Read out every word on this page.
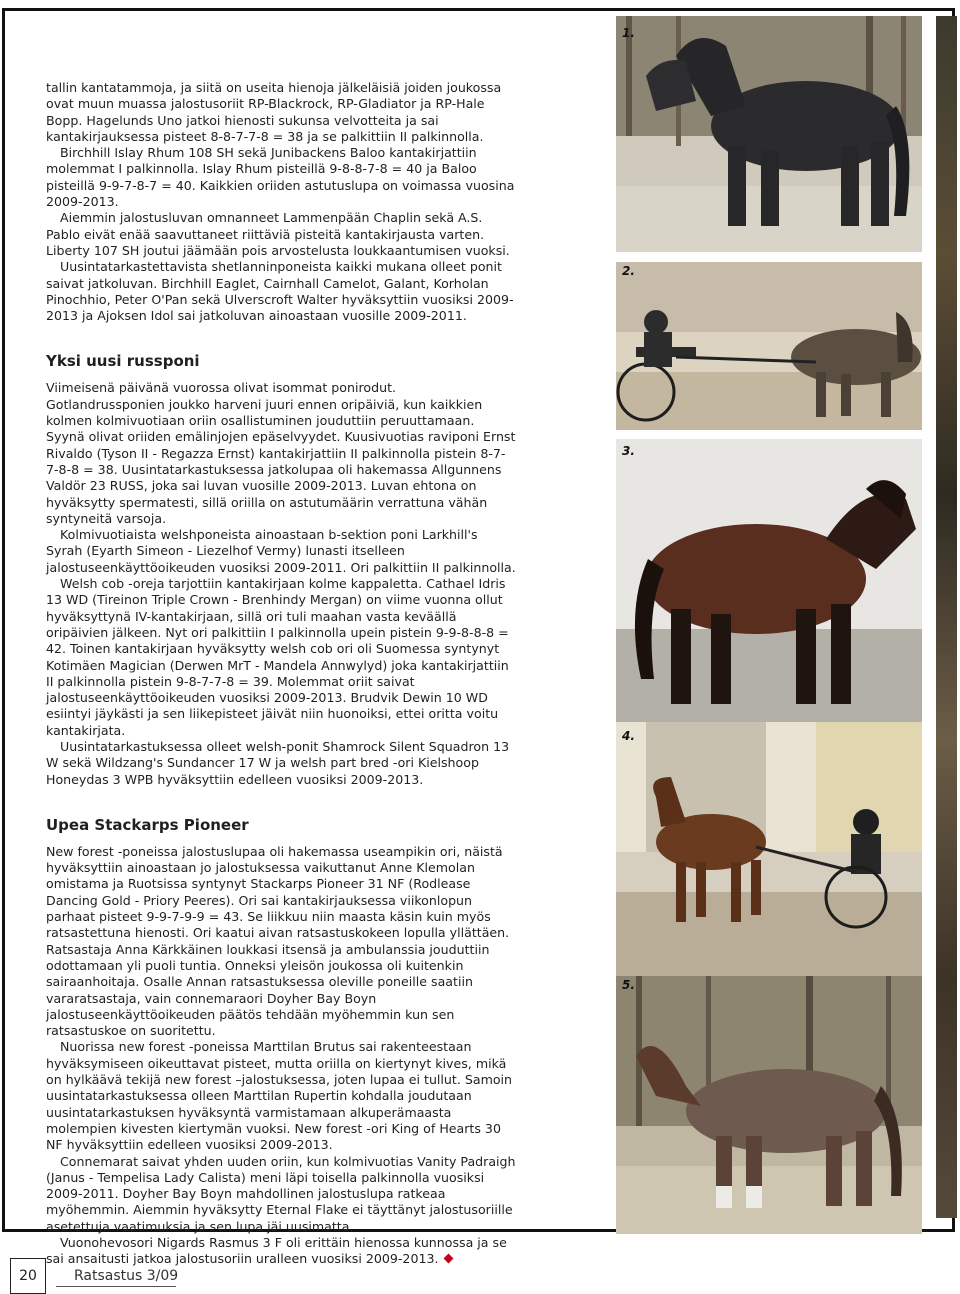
tallin kantatammoja, ja siitä on useita hienoja jälkeläisiä joiden joukossa ovat muun muassa jalostusoriit RP-Blackrock, RP-Gladiator ja RP-Hale Bopp. Hagelunds Uno jatkoi hienosti sukunsa velvotteita ja sai kantakirjauksessa pisteet 8-8-7-7-8 = 38 ja se palkittiin II palkinnolla.

Birchhill Islay Rhum 108 SH sekä Junibackens Baloo kantakirjattiin molemmat I palkinnolla. Islay Rhum pisteillä 9-8-8-7-8 = 40 ja Baloo pisteillä 9-9-7-8-7 = 40. Kaikkien oriiden astutuslupa on voimassa vuosina 2009-2013.

Aiemmin jalostusluvan omnanneet Lammenpään Chaplin sekä A.S. Pablo eivät enää saavuttaneet riittäviä pisteitä kantakirjausta varten. Liberty 107 SH joutui jäämään pois arvostelusta loukkaantumisen vuoksi.

Uusintatarkastettavista shetlanninponeista kaikki mukana olleet ponit saivat jatkoluvan. Birchhill Eaglet, Cairnhall Camelot, Galant, Korholan Pinochhio, Peter O'Pan sekä Ulverscroft Walter hyväksyttiin vuosiksi 2009-2013 ja Ajoksen Idol sai jatkoluvan ainoastaan vuosille 2009-2011.

Yksi uusi russponi

Viimeisenä päivänä vuorossa olivat isommat ponirodut. Gotlandrussponien joukko harveni juuri ennen oripäiviä, kun kaikkien kolmen kolmivuotiaan oriin osallistuminen jouduttiin peruuttamaan. Syynä olivat oriiden emälinjojen epäselvyydet. Kuusivuotias raviponi Ernst Rivaldo (Tyson II - Regazza Ernst) kantakirjattiin II palkinnolla pistein 8-7-7-8-8 = 38. Uusintatarkastuksessa jatkolupaa oli hakemassa Allgunnens Valdör 23 RUSS, joka sai luvan vuosille 2009-2013. Luvan ehtona on hyväksytty spermatesti, sillä oriilla on astutumäärin verrattuna vähän syntyneitä varsoja.

Kolmivuotiaista welshponeista ainoastaan b-sektion poni Larkhill's Syrah (Eyarth Simeon - Liezelhof Vermy) lunasti itselleen jalostuseenkäyttöoikeuden vuosiksi 2009-2011. Ori palkittiin II palkinnolla.

Welsh cob -oreja tarjottiin kantakirjaan kolme kappaletta. Cathael Idris 13 WD (Tireinon Triple Crown - Brenhindy Mergan) on viime vuonna ollut hyväksyttynä IV-kantakirjaan, sillä ori tuli maahan vasta keväällä oripäivien jälkeen. Nyt ori palkittiin I palkinnolla upein pistein 9-9-8-8-8 = 42. Toinen kantakirjaan hyväksytty welsh cob ori oli Suomessa syntynyt Kotimäen Magician (Derwen MrT - Mandela Annwylyd) joka kantakirjattiin II palkinnolla pistein 9-8-7-7-8 = 39. Molemmat oriit saivat jalostuseenkäyttöoikeuden vuosiksi 2009-2013. Brudvik Dewin 10 WD esiintyi jäykästi ja sen liikepisteet jäivät niin huonoiksi, ettei oritta voitu kantakirjata.

Uusintatarkastuksessa olleet welsh-ponit Shamrock Silent Squadron 13 W sekä Wildzang's Sundancer 17 W ja welsh part bred -ori Kielshoop Honeydas 3 WPB hyväksyttiin edelleen vuosiksi 2009-2013.

Upea Stackarps Pioneer

New forest -poneissa jalostuslupaa oli hakemassa useampikin ori, näistä hyväksyttiin ainoastaan jo jalostuksessa vaikuttanut Anne Klemolan omistama ja Ruotsissa syntynyt Stackarps Pioneer 31 NF (Rodlease Dancing Gold - Priory Peeres). Ori sai kantakirjauksessa viikonlopun parhaat pisteet 9-9-7-9-9 = 43. Se liikkuu niin maasta käsin kuin myös ratsastettuna hienosti. Ori kaatui aivan ratsastuskokeen lopulla yllättäen. Ratsastaja Anna Kärkkäinen loukkasi itsensä ja ambulanssia jouduttiin odottamaan yli puoli tuntia. Onneksi yleisön joukossa oli kuitenkin sairaanhoitaja. Osalle Annan ratsastuksessa oleville poneille saatiin vararatsastaja, vain connemaraori Doyher Bay Boyn jalostuseenkäyttöoikeuden päätös tehdään myöhemmin kun sen ratsastuskoe on suoritettu.

Nuorissa new forest -poneissa Marttilan Brutus sai rakenteestaan hyväksymiseen oikeuttavat pisteet, mutta oriilla on kiertynyt kives, mikä on hylkäävä tekijä new forest –jalostuksessa, joten lupaa ei tullut. Samoin uusintatarkastuksessa olleen Marttilan Rupertin kohdalla joudutaan uusintatarkastuksen hyväksyntä varmistamaan alkuperämaasta molempien kivesten kiertymän vuoksi. New forest -ori King of Hearts 30 NF hyväksyttiin edelleen vuosiksi 2009-2013.

Connemarat saivat yhden uuden oriin, kun kolmivuotias Vanity Padraigh (Janus - Tempelisa Lady Calista) meni läpi toisella palkinnolla vuosiksi 2009-2011. Doyher Bay Boyn mahdollinen jalostuslupa ratkeaa myöhemmin. Aiemmin hyväksytty Eternal Flake ei täyttänyt jalostusoriille asetettuja vaatimuksia ja sen lupa jäi uusimatta.

Vuonohevosori Nigards Rasmus 3 F oli erittäin hienossa kunnossa ja se sai ansaitusti jatkoa jalostusoriin uralleen vuosiksi 2009-2013.

1.
2.
3.
4.
5.
20	Ratsastus 3/09
